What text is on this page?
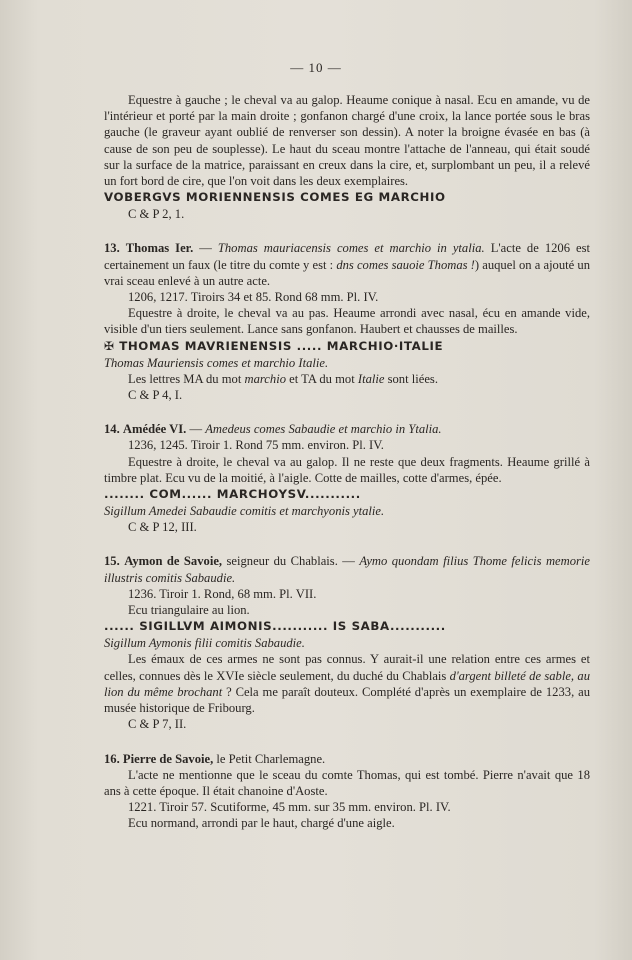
— 10 —

Equestre à gauche ; le cheval va au galop. Heaume conique à nasal. Ecu en amande, vu de l'intérieur et porté par la main droite ; gonfanon chargé d'une croix, la lance portée sous le bras gauche (le graveur ayant oublié de renverser son dessin). A noter la broigne évasée en bas (à cause de son peu de souplesse). Le haut du sceau montre l'attache de l'anneau, qui était soudé sur la surface de la matrice, paraissant en creux dans la cire, et, surplombant un peu, il a relevé un fort bord de cire, que l'on voit dans les deux exemplaires.

VOBERGVS MORIENNENSIS COMES EG MARCHIO

C & P 2, 1.

13. Thomas Ier. — Thomas mauriacensis comes et marchio in ytalia. L'acte de 1206 est certainement un faux (le titre du comte y est : dns comes sauoie Thomas !) auquel on a ajouté un vrai sceau enlevé à un autre acte.

1206, 1217. Tiroirs 34 et 85. Rond 68 mm. Pl. IV.

Equestre à droite, le cheval va au pas. Heaume arrondi avec nasal, écu en amande vide, visible d'un tiers seulement. Lance sans gonfanon. Haubert et chausses de mailles.

✠ THOMAS MAVRIENENSIS ..... MARCHIO·ITALIE

Thomas Mauriensis comes et marchio Italie.

Les lettres MA du mot marchio et TA du mot Italie sont liées.

C & P 4, I.

14. Amédée VI. — Amedeus comes Sabaudie et marchio in Ytalia.

1236, 1245. Tiroir 1. Rond 75 mm. environ. Pl. IV.

Equestre à droite, le cheval va au galop. Il ne reste que deux fragments. Heaume grillé à timbre plat. Ecu vu de la moitié, à l'aigle. Cotte de mailles, cotte d'armes, épée.

........ COM...... MARCHOYSV...........

Sigillum Amedei Sabaudie comitis et marchyonis ytalie.

C & P 12, III.

15. Aymon de Savoie, seigneur du Chablais. — Aymo quondam filius Thome felicis memorie illustris comitis Sabaudie.

1236. Tiroir 1. Rond, 68 mm. Pl. VII.

Ecu triangulaire au lion.

...... SIGILLVM AIMONIS........... IS SABA...........

Sigillum Aymonis filii comitis Sabaudie.

Les émaux de ces armes ne sont pas connus. Y aurait-il une relation entre ces armes et celles, connues dès le XVIe siècle seulement, du duché du Chablais d'argent billeté de sable, au lion du même brochant ? Cela me paraît douteux. Complété d'après un exemplaire de 1233, au musée historique de Fribourg.

C & P 7, II.

16. Pierre de Savoie, le Petit Charlemagne.

L'acte ne mentionne que le sceau du comte Thomas, qui est tombé. Pierre n'avait que 18 ans à cette époque. Il était chanoine d'Aoste.

1221. Tiroir 57. Scutiforme, 45 mm. sur 35 mm. environ. Pl. IV.

Ecu normand, arrondi par le haut, chargé d'une aigle.
